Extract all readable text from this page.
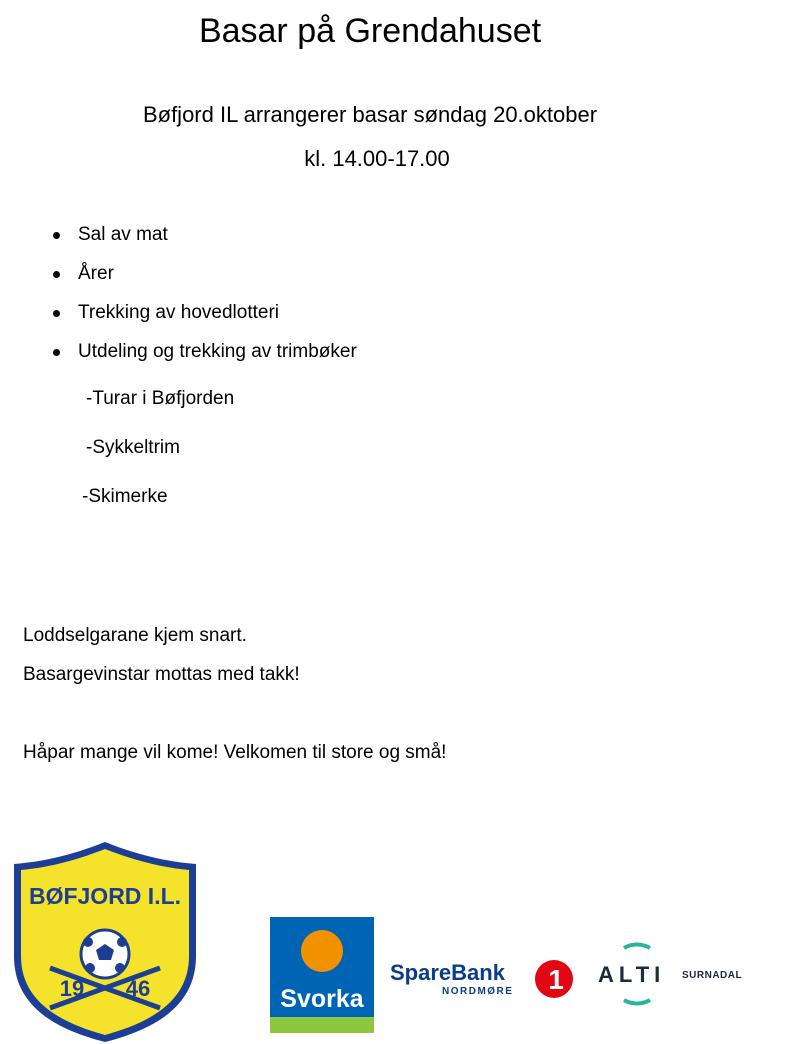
Basar på Grendahuset
Bøfjord IL arrangerer basar søndag 20.oktober
kl. 14.00-17.00
Sal av mat
Årer
Trekking av hovedlotteri
Utdeling og trekking av trimbøker
-Turar i Bøfjorden
-Sykkeltrim
-Skimerke
Loddselgarane kjem snart.
Basargevinstar mottas med takk!
Håpar mange vil kome! Velkomen til store og små!
BØFJORD I.L.
19 46	Svorka
SpareBank
NORDMØRE 1 ALTI SURNADAL
